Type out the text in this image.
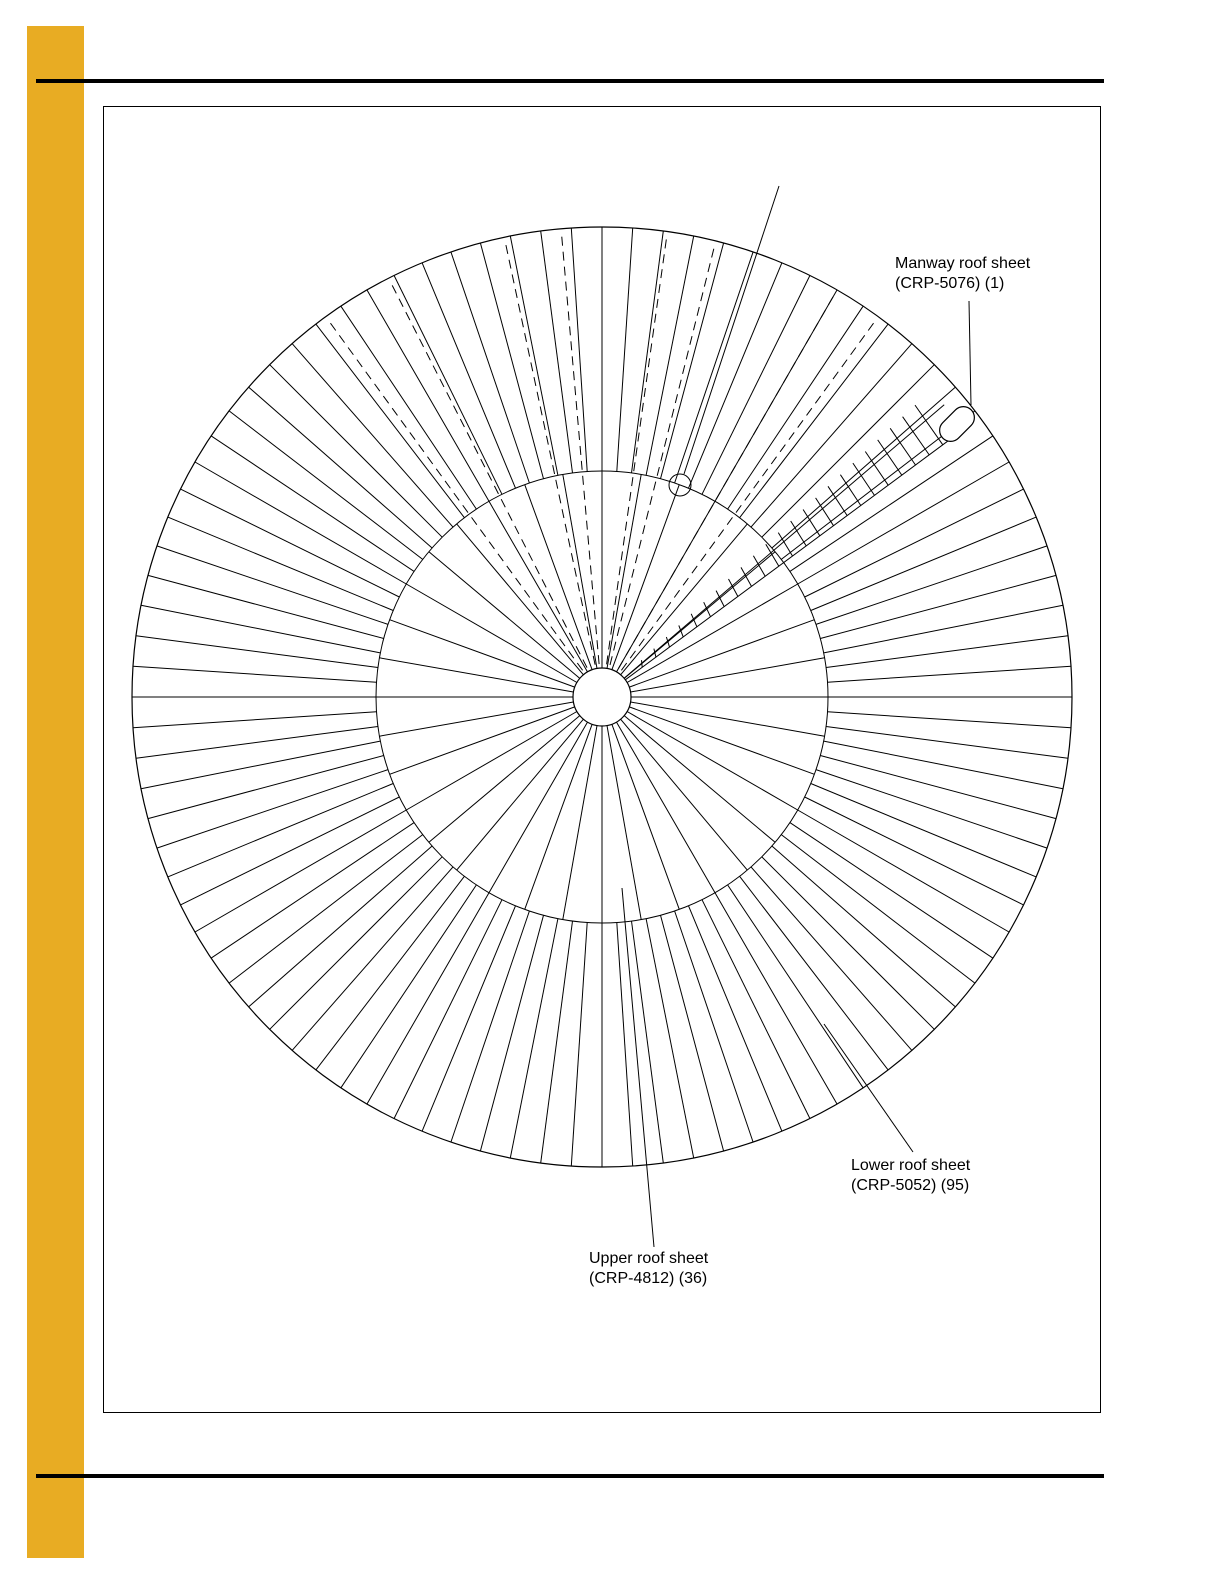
Manway roof sheet
(CRP-5076) (1)
Lower roof sheet
(CRP-5052) (95)
Upper roof sheet
(CRP-4812) (36)
